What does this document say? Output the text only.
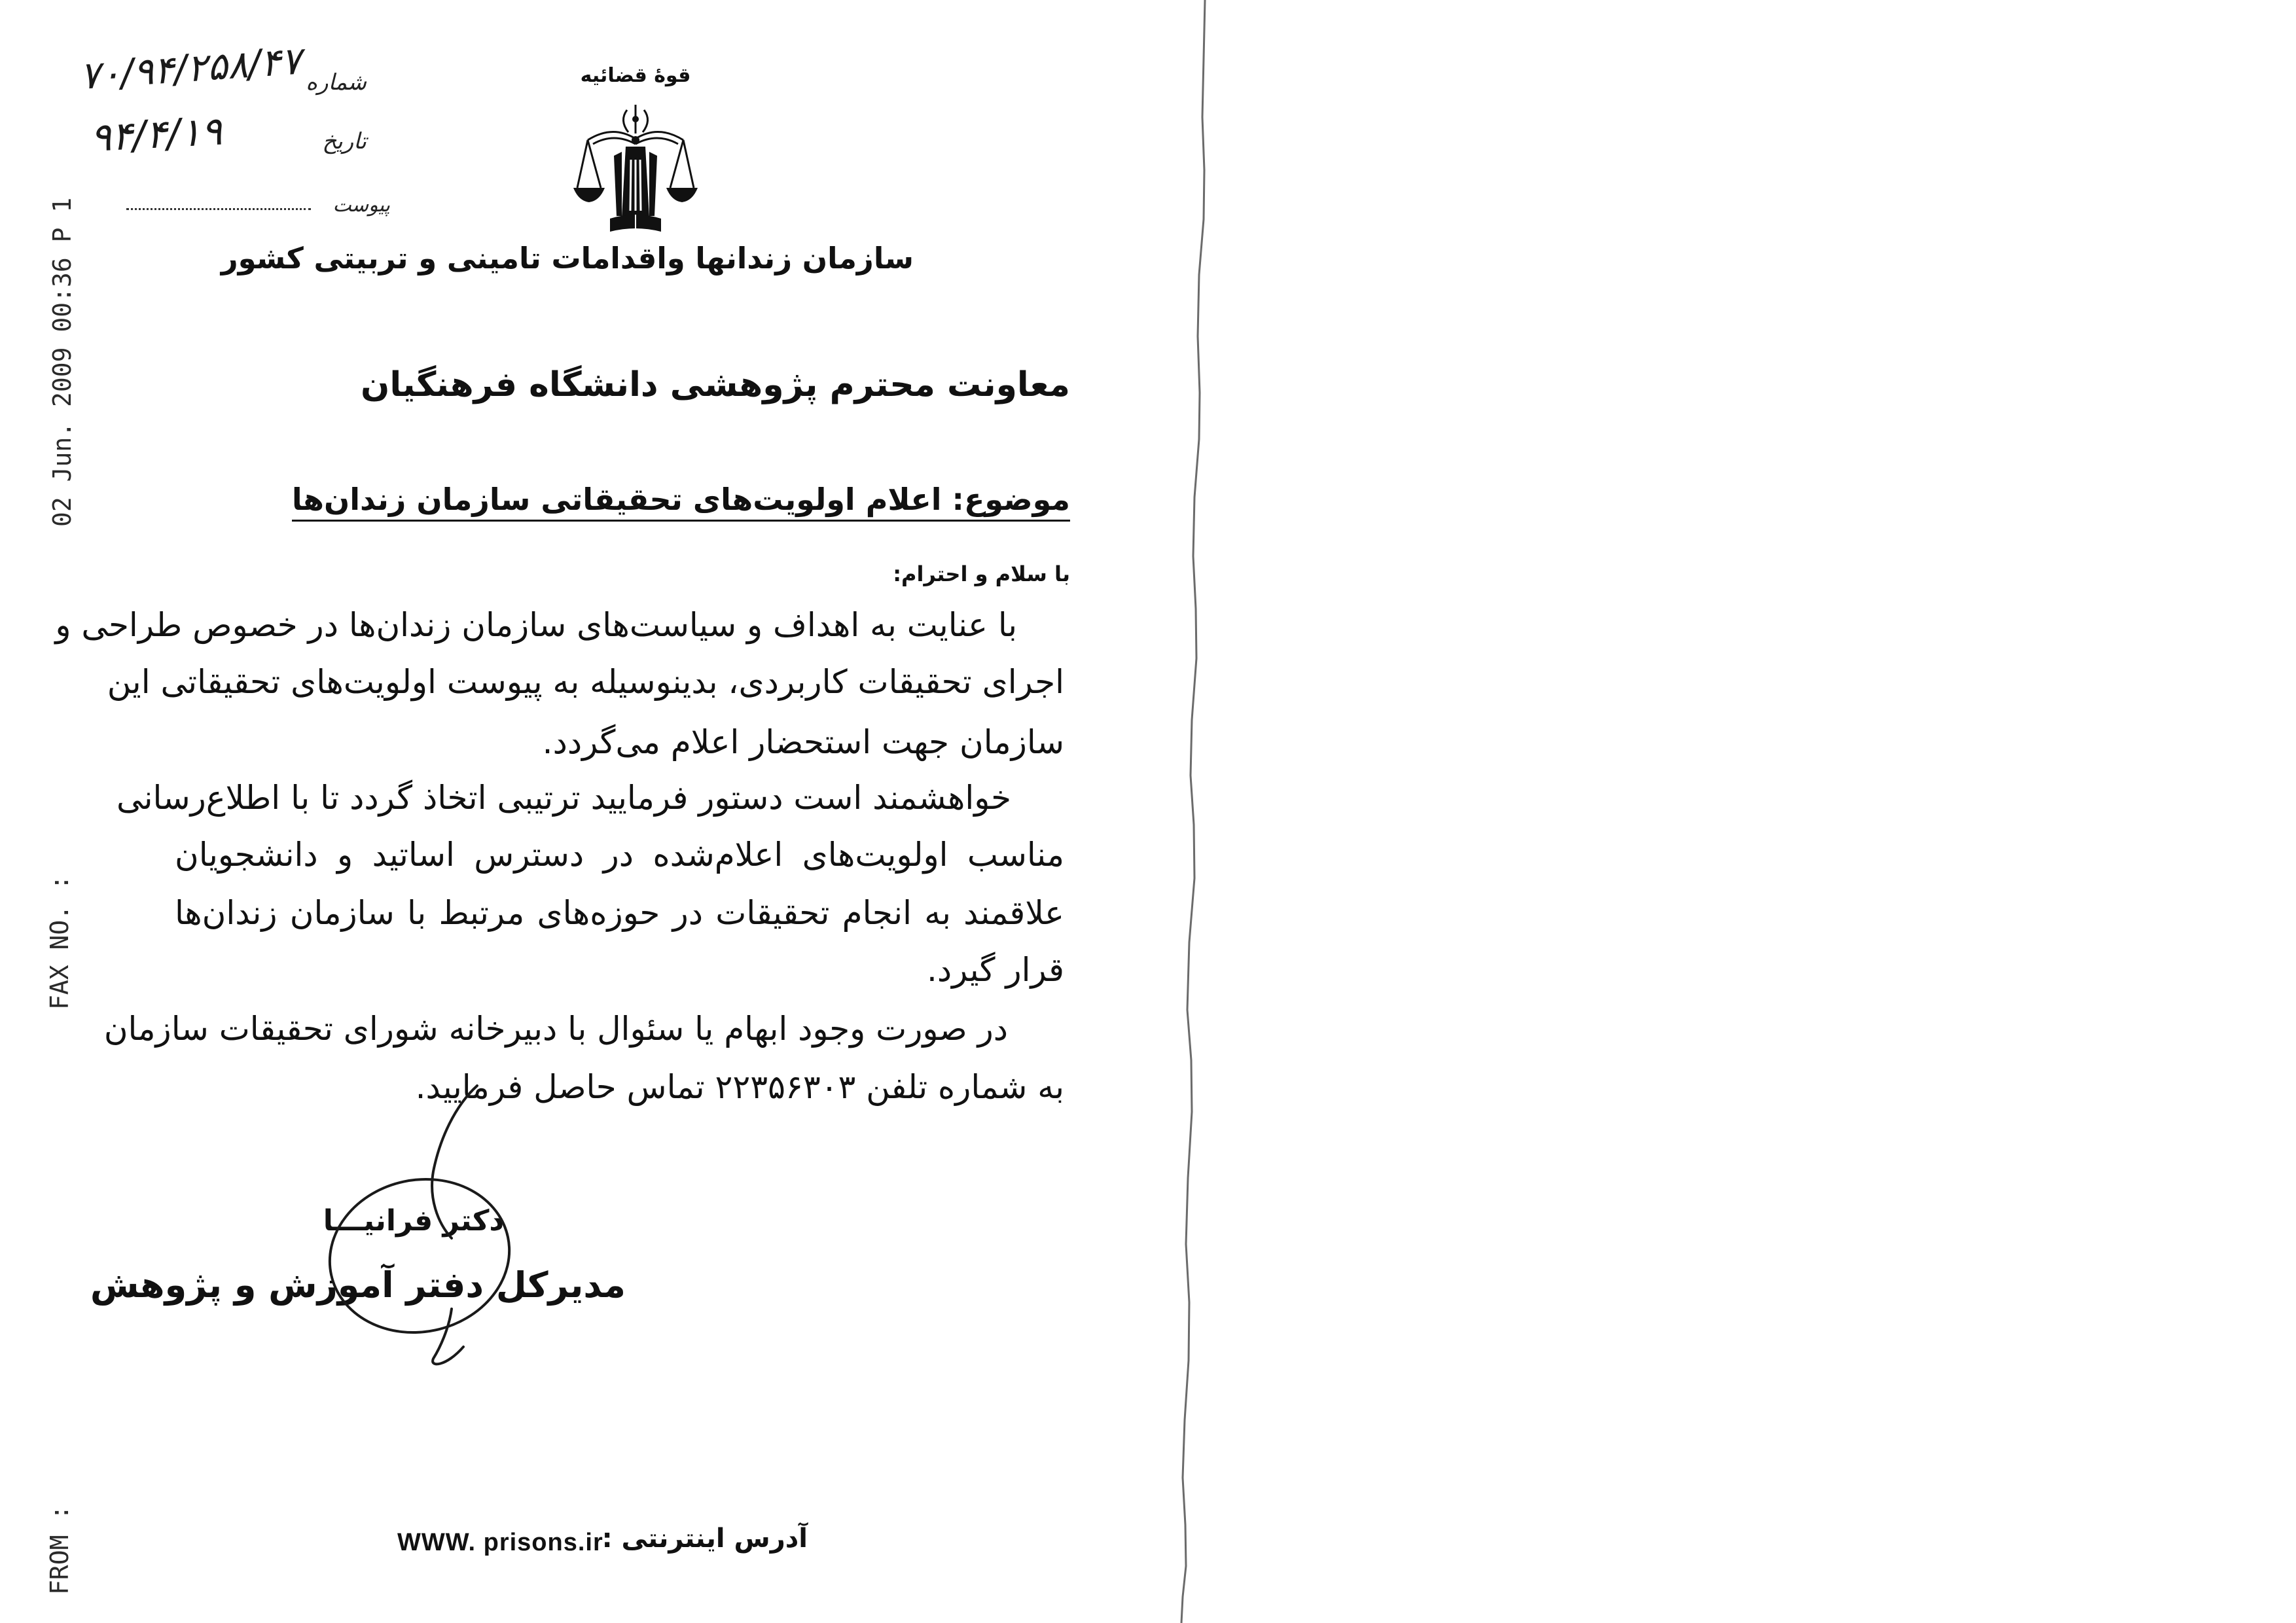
02 Jun. 2009 00:36 P 1
FAX NO. :
FROM :
شماره
۷۰/۹۴/۲۵۸/۴۷
تاریخ
۹۴/۴/۱۹
پیوست
قوهٔ قضائیه
سازمان زندانها واقدامات تامینی و تربیتی کشور
معاونت محترم پژوهشی دانشگاه فرهنگیان
موضوع: اعلام اولویت‌های تحقیقاتی سازمان زندان‌ها
با سلام و احترام:
با عنایت به اهداف و سیاست‌های سازمان زندان‌ها در خصوص طراحی و
اجرای تحقیقات کاربردی، بدینوسیله به پیوست اولویت‌های تحقیقاتی این
سازمان جهت استحضار اعلام می‌گردد.
خواهشمند است دستور فرمایید ترتیبی اتخاذ گردد تا با اطلاع‌رسانی
مناسب اولویت‌های اعلام‌شده در دسترس اساتید و دانشجویان
علاقمند به انجام تحقیقات در حوزه‌های مرتبط با سازمان زندان‌ها
قرار گیرد.
در صورت وجود ابهام یا سئوال با دبیرخانه شورای تحقیقات سازمان
به شماره تلفن ۲۲۳۵۶۳۰۳ تماس حاصل فرمایید.
دکتر فرانیـــا
مدیرکل دفتر آموزش و پژوهش
آدرس اینترنتی :
WWW. prisons.ir
